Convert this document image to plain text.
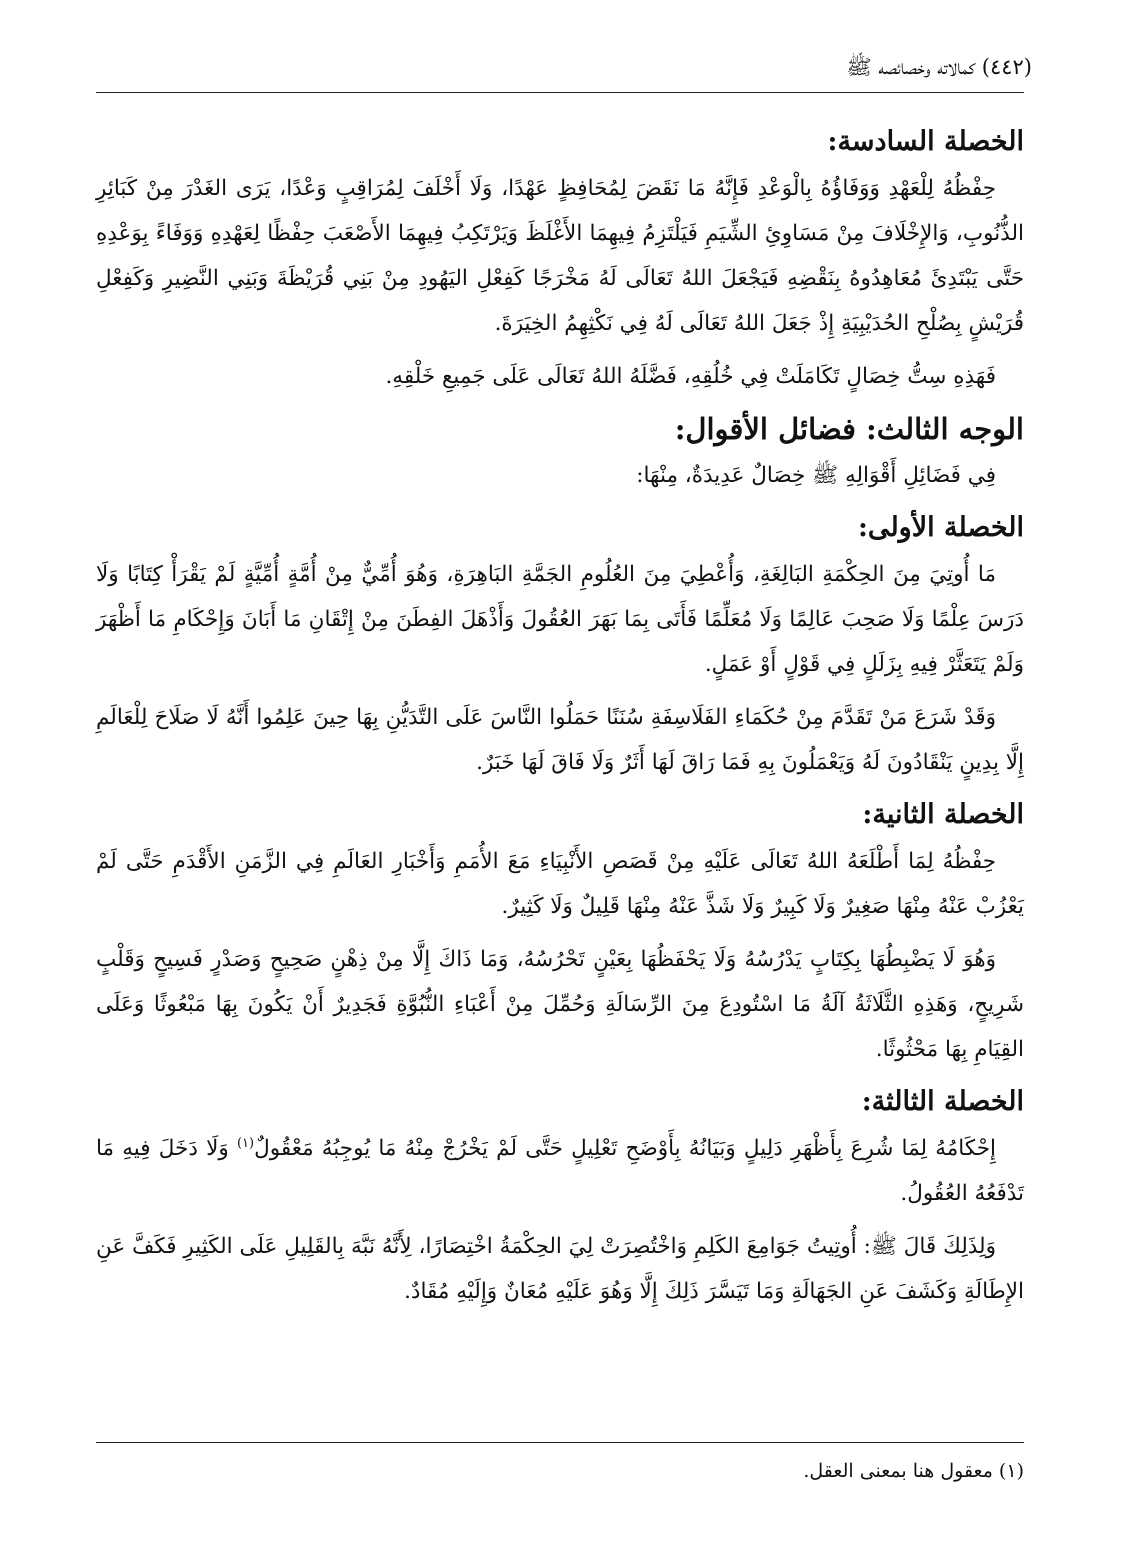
(٤٤٢) كمالاته وخصائصه ﷺ
الخصلة السادسة:

حِفْظُهُ لِلْعَهْدِ وَوَفَاؤُهُ بِالْوَعْدِ فَإِنَّهُ مَا نَقَضَ لِمُحَافِظٍ عَهْدًا، وَلَا أَخْلَفَ لِمُرَاقِبٍ وَعْدًا، يَرَى الغَدْرَ مِنْ كَبَائِرِ الذُّنُوبِ، وَالإِخْلَافَ مِنْ مَسَاوِئِ الشِّيَمِ فَيَلْتَزِمُ فِيهِمَا الأَغْلَظَ وَيَرْتَكِبُ فِيهِمَا الأَصْعَبَ حِفْظًا لِعَهْدِهِ وَوَفَاءً بِوَعْدِهِ حَتَّى يَبْتَدِئَ مُعَاهِدُوهُ بِنَقْضِهِ فَيَجْعَلَ اللهُ تَعَالَى لَهُ مَخْرَجًا كَفِعْلِ اليَهُودِ مِنْ بَنِي قُرَيْظَةَ وَبَنِي النَّضِيرِ وَكَفِعْلِ قُرَيْشٍ بِصُلْحِ الحُدَيْبِيَةِ إِذْ جَعَلَ اللهُ تَعَالَى لَهُ فِي نَكْثِهِمُ الخِيَرَةَ.

فَهَذِهِ سِتُّ خِصَالٍ تَكَامَلَتْ فِي خُلُقِهِ، فَضَّلَهُ اللهُ تَعَالَى عَلَى جَمِيعِ خَلْقِهِ.

الوجه الثالث: فضائل الأقوال:

فِي فَضَائِلِ أَقْوَالِهِ ﷺ خِصَالٌ عَدِيدَةٌ، مِنْهَا:

الخصلة الأولى:

مَا أُوتِيَ مِنَ الحِكْمَةِ البَالِغَةِ، وَأُعْطِيَ مِنَ العُلُومِ الجَمَّةِ البَاهِرَةِ، وَهُوَ أُمِّيٌّ مِنْ أُمَّةٍ أُمِّيَّةٍ لَمْ يَقْرَأْ كِتَابًا وَلَا دَرَسَ عِلْمًا وَلَا صَحِبَ عَالِمًا وَلَا مُعَلِّمًا فَأَتَى بِمَا بَهَرَ العُقُولَ وَأَذْهَلَ الفِطَنَ مِنْ إِتْقَانِ مَا أَبَانَ وَإِحْكَامِ مَا أَظْهَرَ وَلَمْ يَتَعَثَّرْ فِيهِ بِزَلَلٍ فِي قَوْلٍ أَوْ عَمَلٍ.

وَقَدْ شَرَعَ مَنْ تَقَدَّمَ مِنْ حُكَمَاءِ الفَلَاسِفَةِ سُنَنًا حَمَلُوا النَّاسَ عَلَى التَّدَيُّنِ بِهَا حِينَ عَلِمُوا أَنَّهُ لَا صَلَاحَ لِلْعَالَمِ إِلَّا بِدِينٍ يَنْقَادُونَ لَهُ وَيَعْمَلُونَ بِهِ فَمَا رَاقَ لَهَا أَثَرٌ وَلَا فَاقَ لَهَا خَبَرٌ.

الخصلة الثانية:

حِفْظُهُ لِمَا أَطْلَعَهُ اللهُ تَعَالَى عَلَيْهِ مِنْ قَصَصِ الأَنْبِيَاءِ مَعَ الأُمَمِ وَأَخْبَارِ العَالَمِ فِي الزَّمَنِ الأَقْدَمِ حَتَّى لَمْ يَعْزُبْ عَنْهُ مِنْهَا صَغِيرٌ وَلَا كَبِيرٌ وَلَا شَذَّ عَنْهُ مِنْهَا قَلِيلٌ وَلَا كَثِيرٌ.

وَهُوَ لَا يَضْبِطُهَا بِكِتَابٍ يَدْرُسُهُ وَلَا يَحْفَظُهَا بِعَيْنٍ تَحْرُسُهُ، وَمَا ذَاكَ إِلَّا مِنْ ذِهْنٍ صَحِيحٍ وَصَدْرٍ فَسِيحٍ وَقَلْبٍ شَرِيحٍ، وَهَذِهِ الثَّلَاثَةُ آلَةُ مَا اسْتُودِعَ مِنَ الرِّسَالَةِ وَحُمِّلَ مِنْ أَعْبَاءِ النُّبُوَّةِ فَجَدِيرٌ أَنْ يَكُونَ بِهَا مَبْعُوثًا وَعَلَى القِيَامِ بِهَا مَحْثُوثًا.

الخصلة الثالثة:

إِحْكَامُهُ لِمَا شُرِعَ بِأَظْهَرِ دَلِيلٍ وَبَيَانُهُ بِأَوْضَحِ تَعْلِيلٍ حَتَّى لَمْ يَخْرُجْ مِنْهُ مَا يُوجِبُهُ مَعْقُولٌ$^{(١)}$ وَلَا دَخَلَ فِيهِ مَا تَدْفَعُهُ العُقُولُ.

وَلِذَلِكَ قَالَ ﷺ: أُوتِيتُ جَوَامِعَ الكَلِمِ وَاخْتُصِرَتْ لِيَ الحِكْمَةُ اخْتِصَارًا، لِأَنَّهُ نَبَّهَ بِالقَلِيلِ عَلَى الكَثِيرِ فَكَفَّ عَنِ الإِطَالَةِ وَكَشَفَ عَنِ الجَهَالَةِ وَمَا تَيَسَّرَ ذَلِكَ إِلَّا وَهُوَ عَلَيْهِ مُعَانٌ وَإِلَيْهِ مُقَادٌ.

(١) معقول هنا بمعنى العقل.
